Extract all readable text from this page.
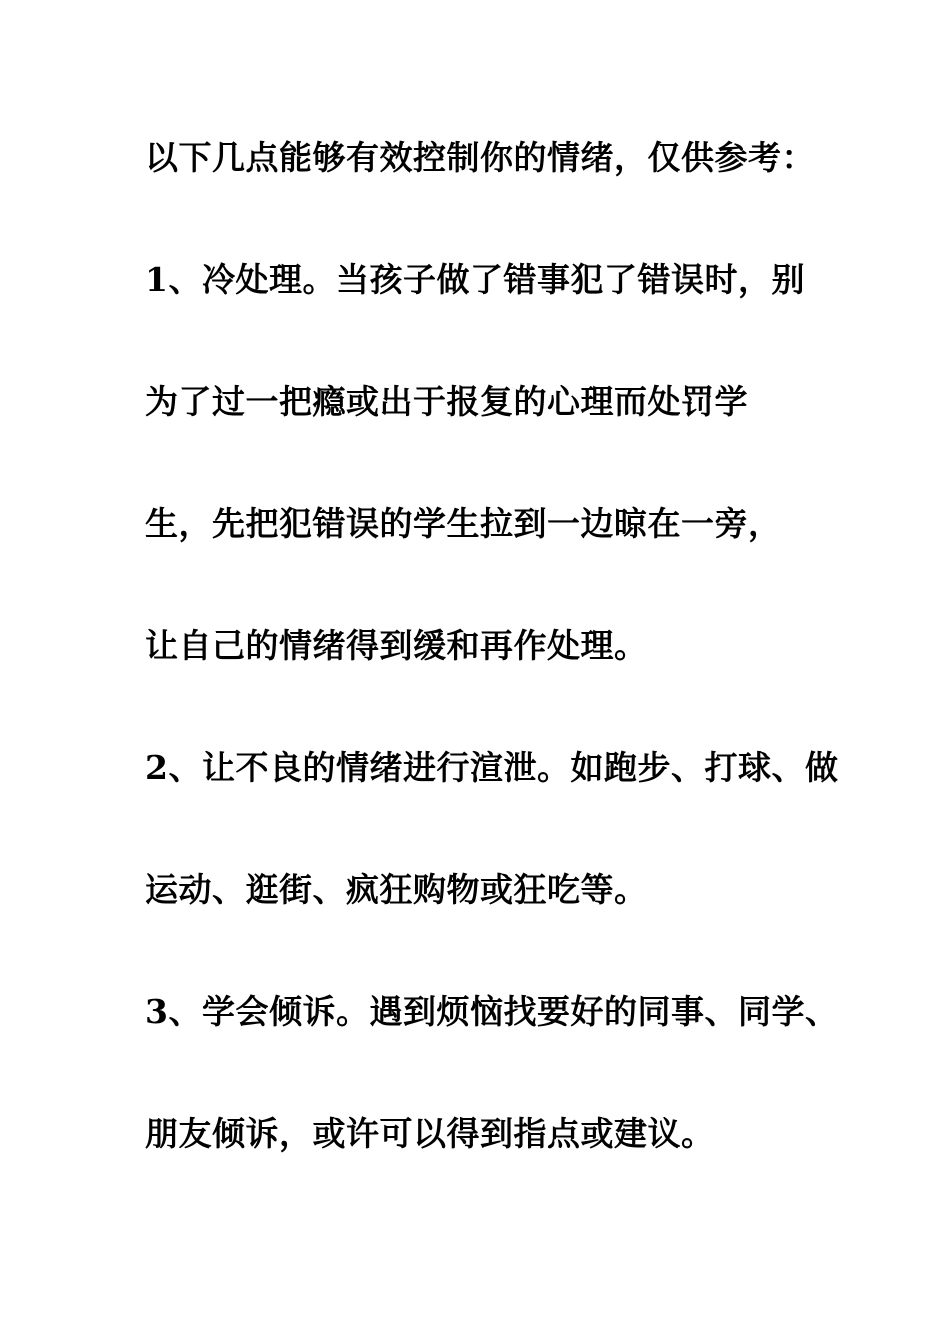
以下几点能够有效控制你的情绪，仅供参考：
1、冷处理。当孩子做了错事犯了错误时，别
为了过一把瘾或出于报复的心理而处罚学
生，先把犯错误的学生拉到一边晾在一旁，
让自己的情绪得到缓和再作处理。
2、让不良的情绪进行渲泄。如跑步、打球、做
运动、逛街、疯狂购物或狂吃等。
3、学会倾诉。遇到烦恼找要好的同事、同学、
朋友倾诉，或许可以得到指点或建议。
